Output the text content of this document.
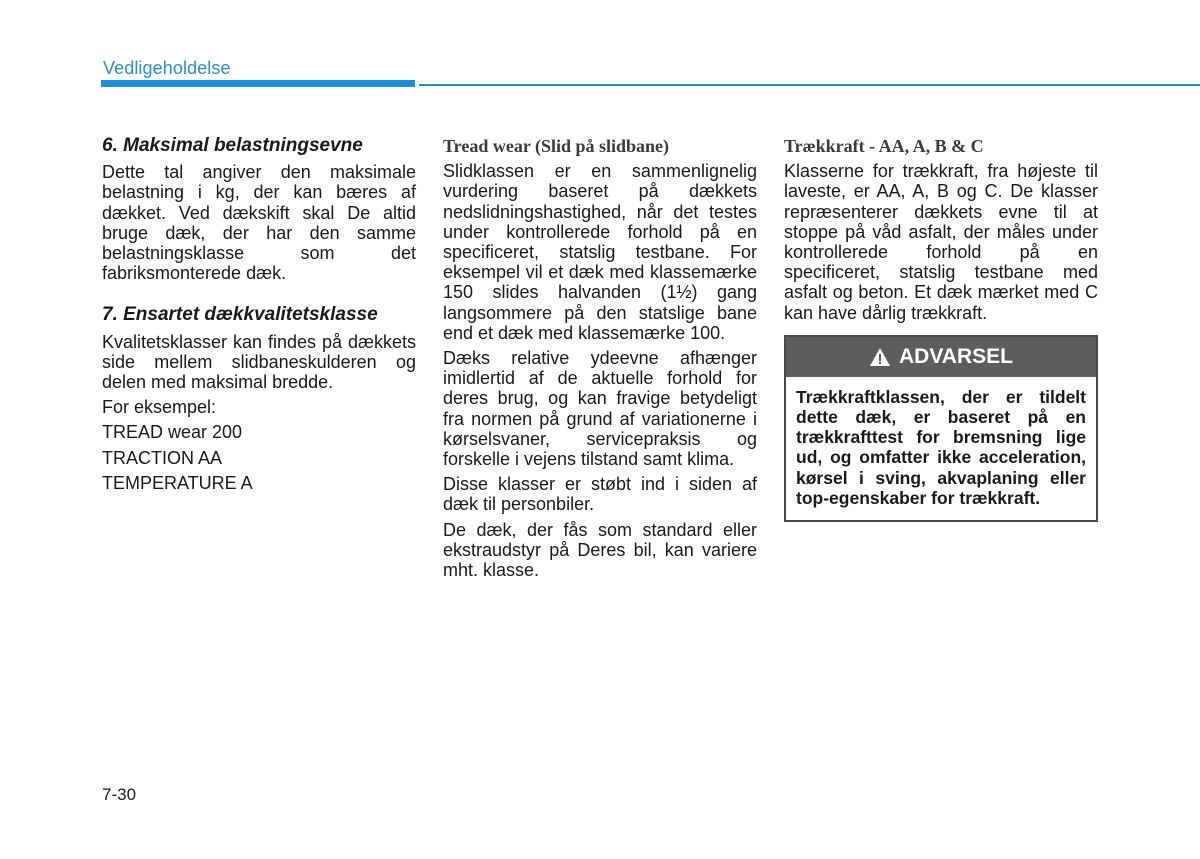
Vedligeholdelse
6. Maksimal belastningsevne

Dette tal angiver den maksimale belastning i kg, der kan bæres af dækket. Ved dækskift skal De altid bruge dæk, der har den samme belastningsklasse som det fabriksmonterede dæk.

7. Ensartet dækkvalitetsklasse

Kvalitetsklasser kan findes på dækkets side mellem slidbaneskulderen og delen med maksimal bredde.

For eksempel:

TREAD wear 200

TRACTION AA

TEMPERATURE A

Tread wear (Slid på slidbane)

Slidklassen er en sammenlignelig vurdering baseret på dækkets nedslidningshastighed, når det testes under kontrollerede forhold på en specificeret, statslig testbane. For eksempel vil et dæk med klassemærke 150 slides halvanden (1½) gang langsommere på den statslige bane end et dæk med klassemærke 100.

Dæks relative ydeevne afhænger imidlertid af de aktuelle forhold for deres brug, og kan fravige betydeligt fra normen på grund af variationerne i kørselsvaner, servicepraksis og forskelle i vejens tilstand samt klima.

Disse klasser er støbt ind i siden af dæk til personbiler.

De dæk, der fås som standard eller ekstraudstyr på Deres bil, kan variere mht. klasse.

Trækkraft - AA, A, B & C

Klasserne for trækkraft, fra højeste til laveste, er AA, A, B og C. De klasser repræsenterer dækkets evne til at stoppe på våd asfalt, der måles under kontrollerede forhold på en specificeret, statslig testbane med asfalt og beton. Et dæk mærket med C kan have dårlig trækkraft.

ADVARSEL
Trækkraftklassen, der er tildelt dette dæk, er baseret på en trækkrafttest for bremsning lige ud, og omfatter ikke acceleration, kørsel i sving, akvaplaning eller top-egenskaber for trækkraft.
7-30
